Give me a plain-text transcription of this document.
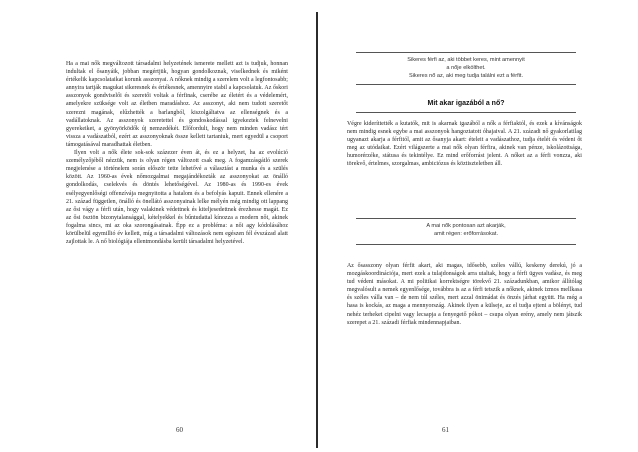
Ha a mai nők megváltozott társadalmi helyzetének ismerete mellett azt is tudjuk, honnan indultak el ősanyáik, jobban megértjük, hogyan gondolkoznak, viselkednek és miként értékelik kapcsolataikat korunk asszonyai. A nőknek mindig a szerelem volt a legfontosabb; annyira tartják magukat sikeresnek és értékesnek, amennyire stabil a kapcsolatuk. Az őskori asszonyok gondviselői és szeretői voltak a férfinak, cserébe az életért és a védelemért, amelyekre szüksége volt az életben maradáshoz. Az asszonyt, aki nem tudott szeretőt szerezni magának, elűzhették a barlangból, kiszolgáltatva az ellenségnek és a vadállatoknak. Az asszonyok szeretettel és gondoskodással igyekeztek felnevelni gyerekeiket, a gyönyörködők új nemzedékét. Előfordult, hogy nem minden vadász tért vissza a vadászatból, ezért az asszonyoknak össze kellett tartaniuk, mert egyedül a csoport támogatásával maradhattak életben.

Ilyen volt a nők élete sok-sok százezer éven át, és ez a helyzet, ha az evolúció személyzőjéből nézzük, nem is olyan régen változott csak meg. A fogamzásgátló szerek megjelenése a történelem során először tette lehetővé a választást a munka és a szülés között. Az 1960-as évek nőmozgalmai megajándékozták az asszonyokat az önálló gondolkodás, cselekvés és döntés lehetőségével. Az 1980-as és 1990-es évek esélyegyenlőségi offenzívája megnyitotta a hatalom és a befolyás kapuit. Ennek ellenére a 21. század független, önálló és önellátó asszonyainak lelke mélyén még mindig ott lappang az ősi vágy a férfi után, hogy valakinek védettnek és kiteljesedettnek érezhesse magát. Ez az ősi ösztön bizonytalansággal, kételyekkel és bűntudattal kínozza a modern nőt, akinek fogalma sincs, mi az oka szorongásainak. Épp ez a probléma: a női agy kódolásához körülbelül egymillió év kellett, míg a társadalmi változások nem egészen fél évszázad alatt zajlottak le. A nő biológiája ellentmondásba került társadalmi helyzetével.

60
Sikeres férfi az, aki többet keres, mint amennyit
a nője elkölthet.
Sikeres nő az, aki meg tudja találni ezt a férfit.
Mit akar igazából a nő?

Végre kideríttették a kutatók, mit is akarnak igazából a nők a férfiaktól, és ezek a kívánságok nem mindig esnek egybe a mai asszonyok hangoztatott óhajaival. A 21. századi nő gyakorlatilag ugyanazt akarja a férfitól, amit az ősanyja akart: ételeit a vadászathoz, tudja ételét és védeni őt meg az utódaikat. Ezért világszerte a mai nők olyan férfira, akinek van pénze, iskolázottsága, humorérzéke, státusa és tekintélye. Ez mind erőforrást jelent. A nőket az a férfi vonzza, aki törekvő, értelmes, szorgalmas, ambiciózus és köztiszteletben áll.

A mai nők pontosan azt akarják,
amit régen: erőforrásokat.

Az ősasszony olyan férfit akart, aki magas, idősebb, széles vállú, keskeny derekú, jó a mozgáskoordinációja, mert ezek a tulajdonságok arra utaltak, hogy a férfi ügyes vadász, és meg tud védeni másokat. A mi politikai korrektségre törekvő 21. századunkban, amikor állítólag megvalósult a nemek egyenlősége, továbbra is az a férfi tetszik a nőknek, akinek izmos mellkasa és széles válla van – de nem túl széles, mert azzal önimádat és önzés járhat együtt. Ha még a hasa is kockás, az maga a mennyország. Akinek ilyen a külseje, az el tudja ejteni a bölényt, tud nehéz terheket cipelni vagy lecsapja a fenyegető pókot – csupa olyan erény, amely nem játszik szerepet a 21. századi férfiak mindennapjaiban.

61
